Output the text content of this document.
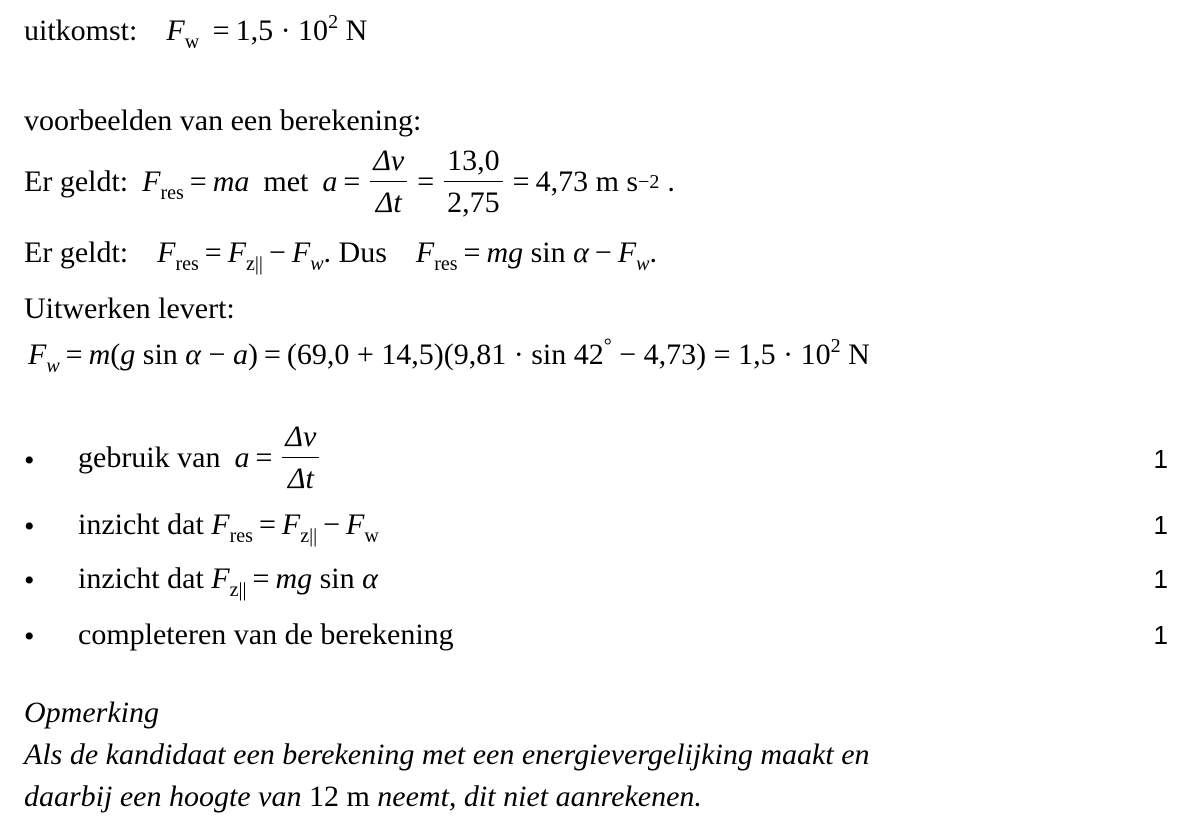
uitkomst: $F_w = 1,5 \cdot 10^2$ N
voorbeelden van een berekening:
Er geldt: $F_{res}$ = ma met $a = \frac{\Delta v}{\Delta t} = \frac{13,0}{2,75} = 4,73$ m s −2 .
Er geldt: $F_{res} = F_{z||} - F_w$. Dus $F_{res}$ = mg $\sin \alpha - F_w$.
Uitwerken levert:
$F_w = m(g$ $\sin \alpha - a) = (69,0 + 14,5)(9,81 \cdot \sin 42^\circ - 4,73) = 1,5 \cdot 10^2$ N
• gebruik van $a = \frac{\Delta v}{\Delta t}$	1
• inzicht dat $F_{res} = F_{z||} - F_w$	1
• inzicht dat $F_{z||}$ = mg sin α	1
• completeren van de berekening	1
Opmerking
Als de kandidaat een berekening met een energievergelijking maakt en
daarbij een hoogte van 12 m neemt, dit niet aanrekenen.
